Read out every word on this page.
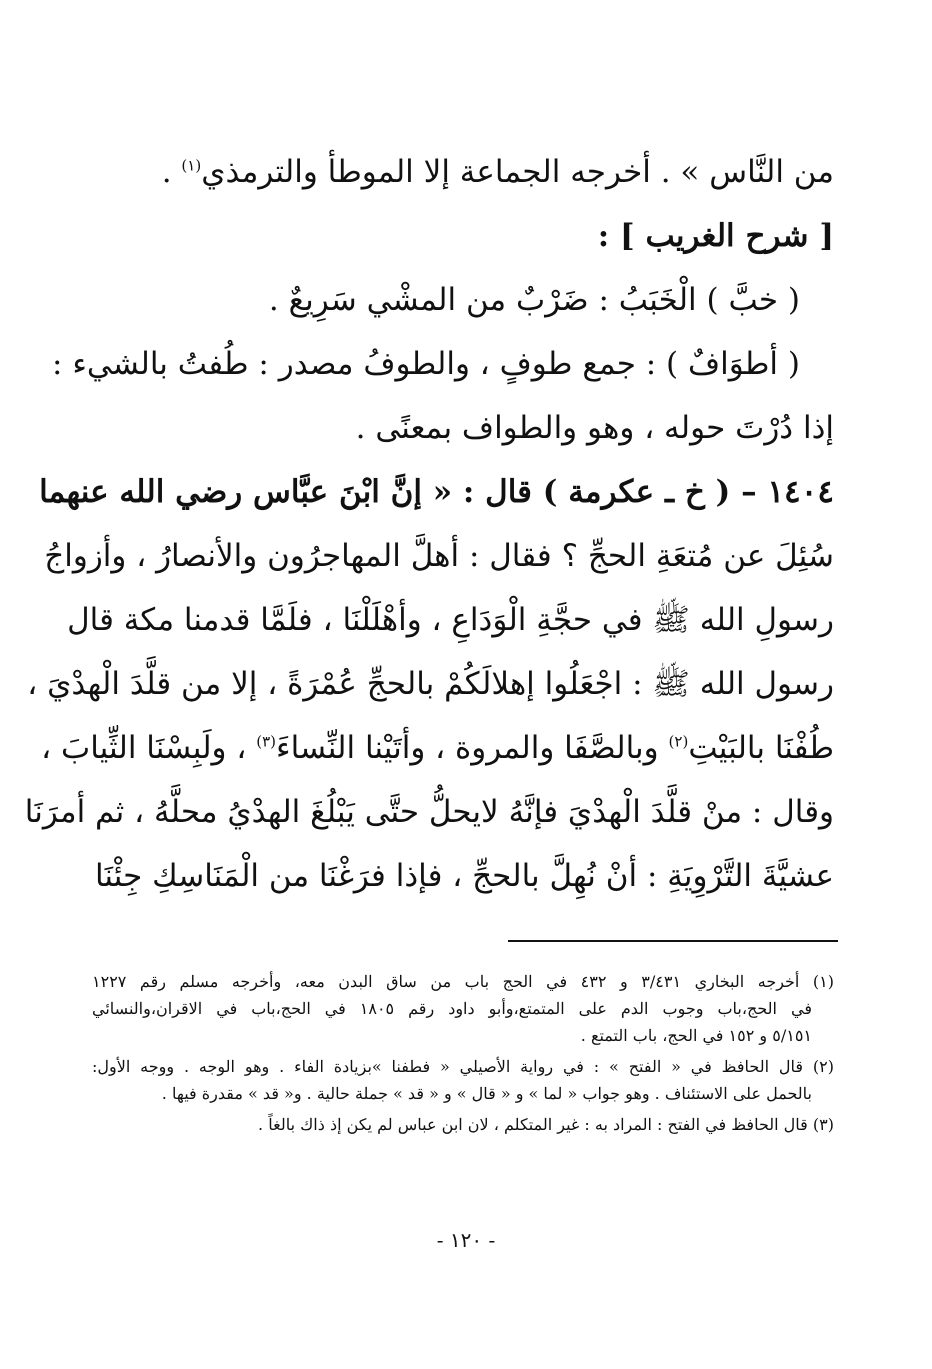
من النَّاس » . أخرجه الجماعة إلا الموطأ والترمذي$^{(١)}$ .
[ شرح الغريب ] :
( خبَّ ) الْخَبَبُ : ضَرْبٌ من المشْي سَرِيعٌ .
( أطوَافٌ ) : جمع طوفٍ ، والطوفُ مصدر : طُفتُ بالشيء :
إذا دُرْتَ حوله ، وهو والطواف بمعنًى .
١٤٠٤ – ( خ ـ عكرمة ) قال : « إنَّ ابْنَ عبَّاس رضي الله عنهما
سُئِلَ عن مُتعَةِ الحجِّ ؟ فقال : أهلَّ المهاجرُون والأنصارُ ، وأزواجُ
رسولِ الله ﷺ في حجَّةِ الْوَدَاعِ ، وأهْلَلْنَا ، فلَمَّا قدمنا مكة قال
رسول الله ﷺ : اجْعَلُوا إهلالَكُمْ بالحجِّ عُمْرَةً ، إلا من قلَّدَ الْهدْيَ ،
طُفْنَا بالبَيْتِ$^{(٢)}$ وبالصَّفَا والمروة ، وأتَيْنا النِّساءَ$^{(٣)}$ ، ولَبِسْنَا الثِّيابَ ،
وقال : منْ قلَّدَ الْهدْيَ فإنَّهُ لايحلُّ حتَّى يَبْلُغَ الهدْيُ محلَّهُ ، ثم أمرَنَا
عشيَّةَ التَّرْوِيَةِ : أنْ نُهِلَّ بالحجِّ ، فإذا فرَغْنَا من الْمَنَاسِكِ جِئْنَا
(١) أخرجه البخاري ٣/٤٣١ و ٤٣٢ في الحج باب من ساق البدن معه، وأخرجه مسلم رقم ١٢٢٧
في الحج،باب وجوب الدم على المتمتع،وأبو داود رقم ١٨٠٥ في الحج،باب في الاقران،والنسائي
٥/١٥١ و ١٥٢ في الحج، باب التمتع .
(٢) قال الحافظ في « الفتح » : في رواية الأصيلي « فطفنا »بزيادة الفاء . وهو الوجه . ووجه الأول:
بالحمل على الاستئناف . وهو جواب « لما » و « قال » و « قد » جملة حالية . و« قد » مقدرة فيها .
(٣) قال الحافظ في الفتح : المراد به : غير المتكلم ، لان ابن عباس لم يكن إذ ذاك بالغاً .
- ١٢٠ -
